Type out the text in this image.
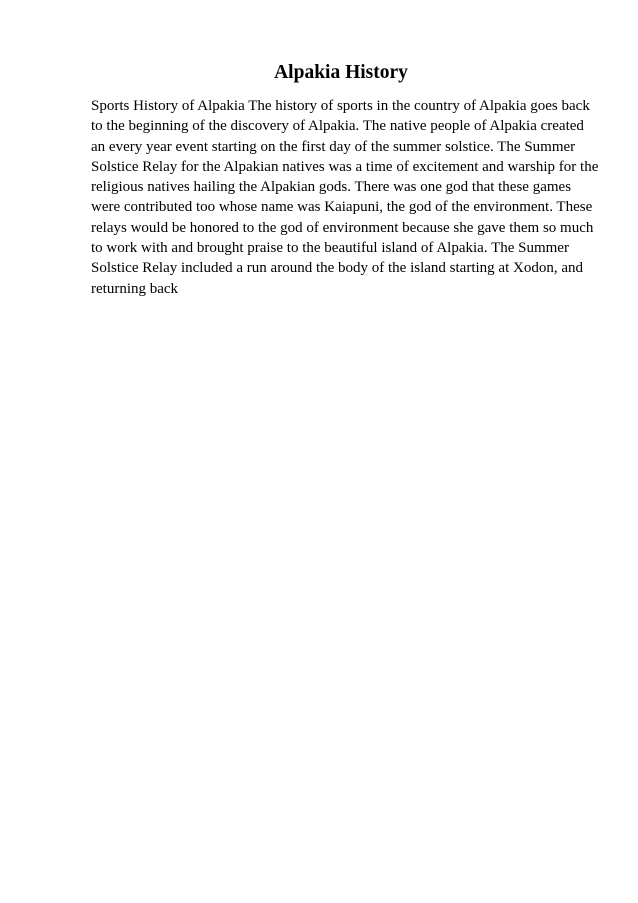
Alpakia History
Sports History of Alpakia The history of sports in the country of Alpakia goes back
to the beginning of the discovery of Alpakia. The native people of Alpakia created
an every year event starting on the first day of the summer solstice. The Summer
Solstice Relay for the Alpakian natives was a time of excitement and warship for the
religious natives hailing the Alpakian gods. There was one god that these games
were contributed too whose name was Kaiapuni, the god of the environment. These
relays would be honored to the god of environment because she gave them so much
to work with and brought praise to the beautiful island of Alpakia. The Summer
Solstice Relay included a run around the body of the island starting at Xodon, and
returning back
